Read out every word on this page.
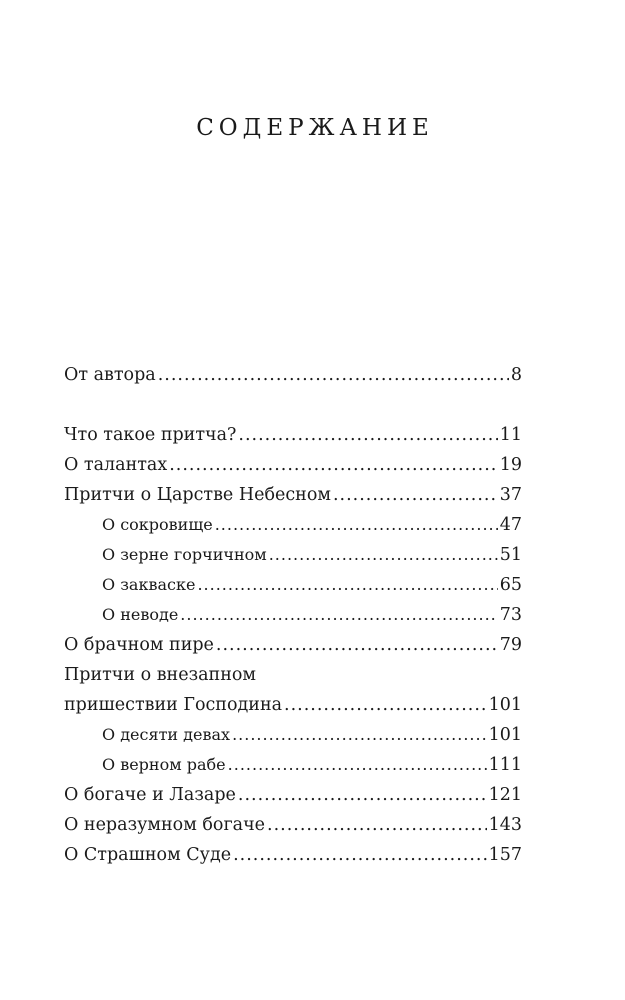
СОДЕРЖАНИЕ
От автора .....	8
Что такое притча? .....	11
О талантах .....	19
Притчи о Царстве Небесном .....	37
О сокровище .....	47
О зерне горчичном .....	51
О закваске .....	65
О неводе .....	73
О брачном пире .....	79
Притчи о внезапном
пришествии Господина .....	101
О десяти девах .....	101
О верном рабе .....	111
О богаче и Лазаре .....	121
О неразумном богаче .....	143
О Страшном Суде .....	157
